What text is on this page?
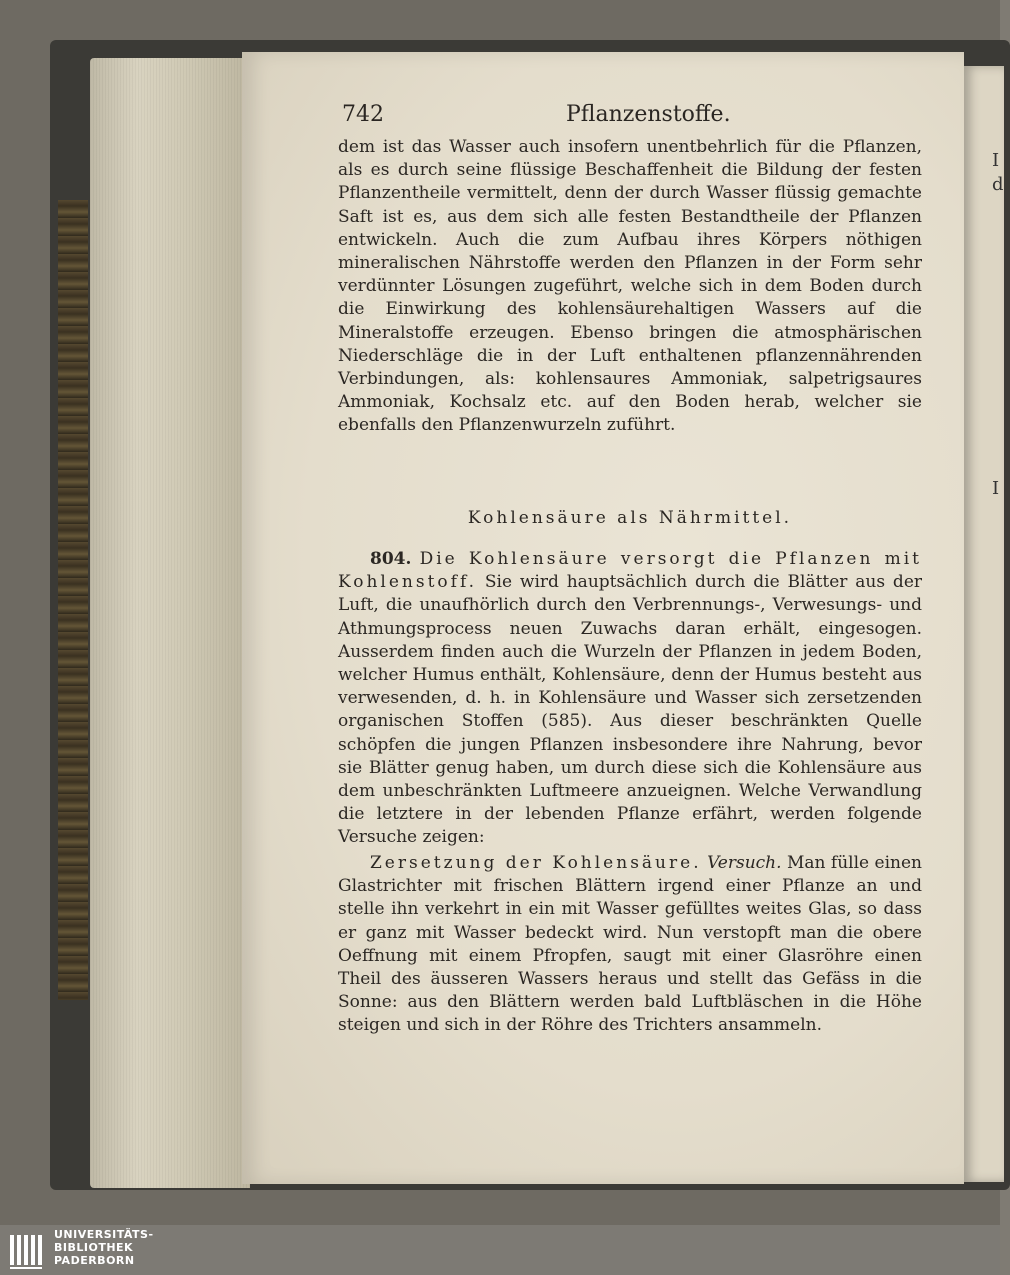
I
d
I
742	Pflanzenstoffe.

dem ist das Wasser auch insofern unentbehrlich für die Pflanzen, als es durch seine flüssige Beschaffenheit die Bildung der festen Pflanzentheile vermittelt, denn der durch Wasser flüssig gemachte Saft ist es, aus dem sich alle festen Bestandtheile der Pflanzen entwickeln. Auch die zum Aufbau ihres Körpers nöthigen mineralischen Nährstoffe werden den Pflanzen in der Form sehr verdünnter Lösungen zugeführt, welche sich in dem Boden durch die Einwirkung des kohlensäurehaltigen Wassers auf die Mineralstoffe erzeugen. Ebenso bringen die atmosphärischen Niederschläge die in der Luft enthaltenen pflanzennährenden Verbindungen, als: kohlensaures Ammoniak, salpetrigsaures Ammoniak, Kochsalz etc. auf den Boden herab, welcher sie ebenfalls den Pflanzenwurzeln zuführt.

Kohlensäure als Nährmittel.

804. Die Kohlensäure versorgt die Pflanzen mit Kohlenstoff. Sie wird hauptsächlich durch die Blätter aus der Luft, die unaufhörlich durch den Verbrennungs-, Verwesungs- und Athmungsprocess neuen Zuwachs daran erhält, eingesogen. Ausserdem finden auch die Wurzeln der Pflanzen in jedem Boden, welcher Humus enthält, Kohlensäure, denn der Humus besteht aus verwesenden, d. h. in Kohlensäure und Wasser sich zersetzenden organischen Stoffen (585). Aus dieser beschränkten Quelle schöpfen die jungen Pflanzen insbesondere ihre Nahrung, bevor sie Blätter genug haben, um durch diese sich die Kohlensäure aus dem unbeschränkten Luftmeere anzueignen. Welche Verwandlung die letztere in der lebenden Pflanze erfährt, werden folgende Versuche zeigen:

Zersetzung der Kohlensäure. Versuch. Man fülle einen Glastrichter mit frischen Blättern irgend einer Pflanze an und stelle ihn verkehrt in ein mit Wasser gefülltes weites Glas, so dass er ganz mit Wasser bedeckt wird. Nun verstopft man die obere Oeffnung mit einem Pfropfen, saugt mit einer Glasröhre einen Theil des äusseren Wassers heraus und stellt das Gefäss in die Sonne: aus den Blättern werden bald Luftbläschen in die Höhe steigen und sich in der Röhre des Trichters ansammeln.

UNIVERSITÄTS-
BIBLIOTHEK
PADERBORN
